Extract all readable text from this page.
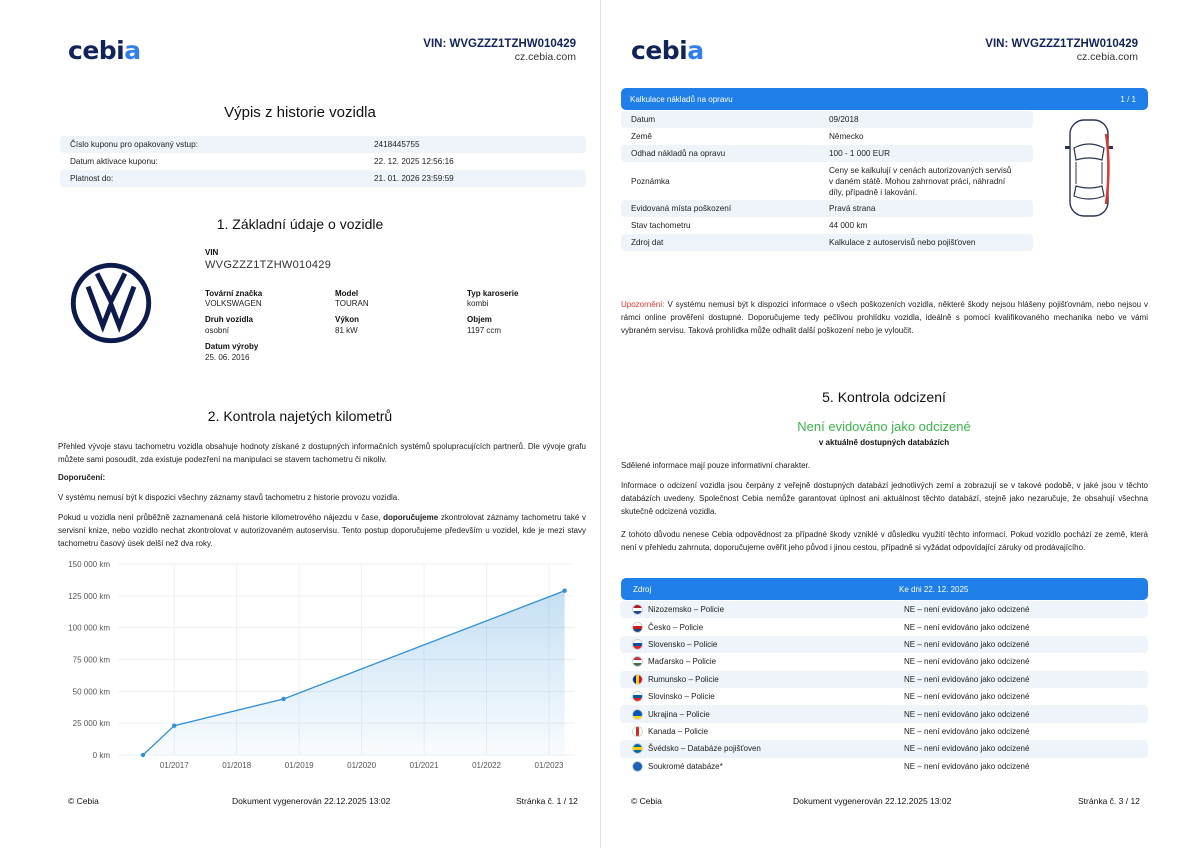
cebia	VIN: WVGZZZ1TZHW010429
cz.cebia.com
Výpis z historie vozidla
Číslo kuponu pro opakovaný vstup:	2418445755
Datum aktivace kuponu:	22. 12. 2025 12:56:16
Platnost do:	21. 01. 2026 23:59:59
1. Základní údaje o vozidle
VIN
WVGZZZ1TZHW010429
Tovární značka
VOLKSWAGEN
Model
TOURAN
Typ karoserie
kombi
Druh vozidla
osobní
Výkon
81 kW
Objem
1197 ccm
Datum výroby
25. 06. 2016
2. Kontrola najetých kilometrů
Přehled vývoje stavu tachometru vozidla obsahuje hodnoty získané z dostupných informačních systémů spolupracujících partnerů. Dle vývoje grafu můžete sami posoudit, zda existuje podezření na manipulaci se stavem tachometru či nikoliv.
Doporučení:
V systému nemusí být k dispozici všechny záznamy stavů tachometru z historie provozu vozidla.
Pokud u vozidla není průběžně zaznamenaná celá historie kilometrového nájezdu v čase, doporučujeme zkontrolovat záznamy tachometru také v servisní knize, nebo vozidlo nechat zkontrolovat v autorizovaném autoservisu. Tento postup doporučujeme především u vozidel, kde je mezi stavy tachometru časový úsek delší než dva roky.
0 km
25 000 km
50 000 km
75 000 km
100 000 km
125 000 km
150 000 km
01/2017	01/2018	01/2019	01/2020	01/2021	01/2022	01/2023
© Cebia	Dokument vygenerován 22.12.2025 13:02	Stránka č. 1 / 12
cebia	VIN: WVGZZZ1TZHW010429
cz.cebia.com
Kalkulace nákladů na opravu	1 / 1
Datum	09/2018
Země	Německo
Odhad nákladů na opravu	100 - 1 000 EUR
Poznámka
Ceny se kalkulují v cenách autorizovaných servisů v daném státě. Mohou zahrnovat práci, náhradní díly, případně i lakování.
Evidovaná místa poškození	Pravá strana
Stav tachometru	44 000 km
Zdroj dat	Kalkulace z autoservisů nebo pojišťoven
Upozornění: V systému nemusí být k dispozici informace o všech poškozeních vozidla, některé škody nejsou hlášeny pojišťovnám, nebo nejsou v rámci online prověření dostupné. Doporučujeme tedy pečlivou prohlídku vozidla, ideálně s pomocí kvalifikovaného mechanika nebo ve vámi vybraném servisu. Taková prohlídka může odhalit další poškození nebo je vyloučit.
5. Kontrola odcizení
Není evidováno jako odcizené
v aktuálně dostupných databázích
Sdělené informace mají pouze informativní charakter.
Informace o odcizení vozidla jsou čerpány z veřejně dostupných databází jednotlivých zemí a zobrazují se v takové podobě, v jaké jsou v těchto databázích uvedeny. Společnost Cebia nemůže garantovat úplnost ani aktuálnost těchto databází, stejně jako nezaručuje, že obsahují všechna skutečně odcizená vozidla.
Z tohoto důvodu nenese Cebia odpovědnost za případné škody vzniklé v důsledku využití těchto informací. Pokud vozidlo pochází ze země, která není v přehledu zahrnuta, doporučujeme ověřit jeho původ i jinou cestou, případně si vyžádat odpovídající záruky od prodávajícího.
Zdroj	Ke dni 22. 12. 2025
Nizozemsko – Policie	NE – není evidováno jako odcizené
Česko – Policie	NE – není evidováno jako odcizené
Slovensko – Policie	NE – není evidováno jako odcizené
Maďarsko – Policie	NE – není evidováno jako odcizené
Rumunsko – Policie	NE – není evidováno jako odcizené
Slovinsko – Policie	NE – není evidováno jako odcizené
Ukrajina – Policie	NE – není evidováno jako odcizené
Kanada – Policie	NE – není evidováno jako odcizené
Švédsko – Databáze pojišťoven	NE – není evidováno jako odcizené
Soukromé databáze*	NE – není evidováno jako odcizené
© Cebia	Dokument vygenerován 22.12.2025 13:02	Stránka č. 3 / 12
